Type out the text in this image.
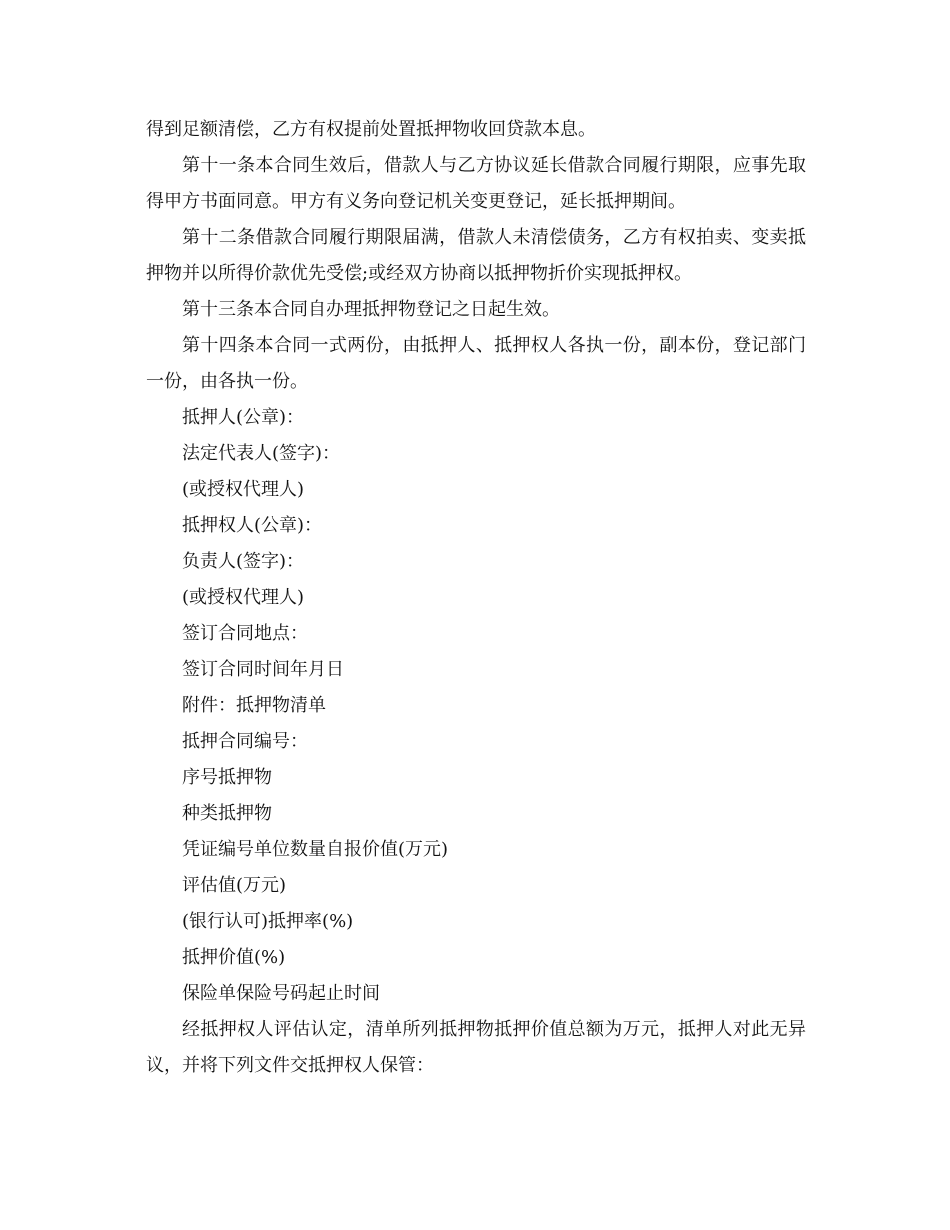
得到足额清偿，乙方有权提前处置抵押物收回贷款本息。

第十一条本合同生效后，借款人与乙方协议延长借款合同履行期限，应事先取得甲方书面同意。甲方有义务向登记机关变更登记，延长抵押期间。

第十二条借款合同履行期限届满，借款人未清偿债务，乙方有权拍卖、变卖抵押物并以所得价款优先受偿;或经双方协商以抵押物折价实现抵押权。

第十三条本合同自办理抵押物登记之日起生效。

第十四条本合同一式两份，由抵押人、抵押权人各执一份，副本份，登记部门一份，由各执一份。

抵押人(公章)：

法定代表人(签字)：

(或授权代理人)

抵押权人(公章)：

负责人(签字)：

(或授权代理人)

签订合同地点：

签订合同时间年月日

附件：抵押物清单

抵押合同编号：

序号抵押物

种类抵押物

凭证编号单位数量自报价值(万元)

评估值(万元)

(银行认可)抵押率(%)

抵押价值(%)

保险单保险号码起止时间

经抵押权人评估认定，清单所列抵押物抵押价值总额为万元，抵押人对此无异议，并将下列文件交抵押权人保管：
